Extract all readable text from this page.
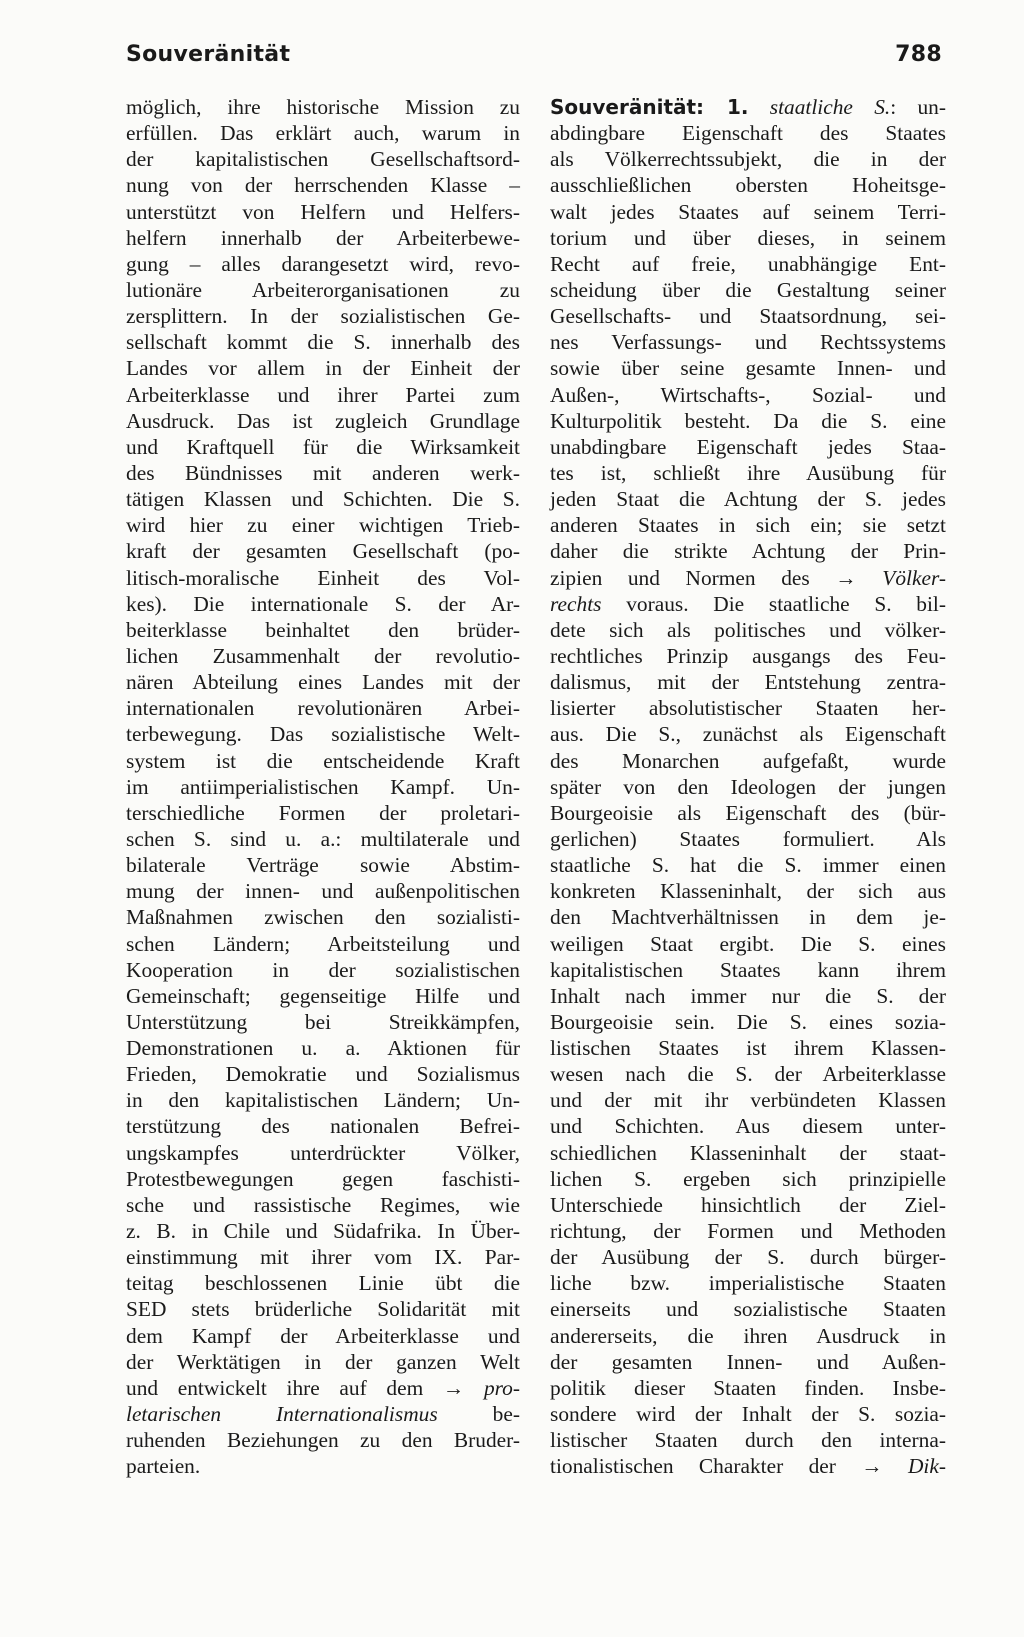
Souveränität	788
möglich, ihre historische Mission zu
erfüllen. Das erklärt auch, warum in
der kapitalistischen Gesellschaftsord-
nung von der herrschenden Klasse –
unterstützt von Helfern und Helfers-
helfern innerhalb der Arbeiterbewe-
gung – alles darangesetzt wird, revo-
lutionäre Arbeiterorganisationen zu
zersplittern. In der sozialistischen Ge-
sellschaft kommt die S. innerhalb des
Landes vor allem in der Einheit der
Arbeiterklasse und ihrer Partei zum
Ausdruck. Das ist zugleich Grundlage
und Kraftquell für die Wirksamkeit
des Bündnisses mit anderen werk-
tätigen Klassen und Schichten. Die S.
wird hier zu einer wichtigen Trieb-
kraft der gesamten Gesellschaft (po-
litisch-moralische Einheit des Vol-
kes). Die internationale S. der Ar-
beiterklasse beinhaltet den brüder-
lichen Zusammenhalt der revolutio-
nären Abteilung eines Landes mit der
internationalen revolutionären Arbei-
terbewegung. Das sozialistische Welt-
system ist die entscheidende Kraft
im antiimperialistischen Kampf. Un-
terschiedliche Formen der proletari-
schen S. sind u. a.: multilaterale und
bilaterale Verträge sowie Abstim-
mung der innen- und außenpolitischen
Maßnahmen zwischen den sozialisti-
schen Ländern; Arbeitsteilung und
Kooperation in der sozialistischen
Gemeinschaft; gegenseitige Hilfe und
Unterstützung bei Streikkämpfen,
Demonstrationen u. a. Aktionen für
Frieden, Demokratie und Sozialismus
in den kapitalistischen Ländern; Un-
terstützung des nationalen Befrei-
ungskampfes unterdrückter Völker,
Protestbewegungen gegen faschisti-
sche und rassistische Regimes, wie
z. B. in Chile und Südafrika. In Über-
einstimmung mit ihrer vom IX. Par-
teitag beschlossenen Linie übt die
SED stets brüderliche Solidarität mit
dem Kampf der Arbeiterklasse und
der Werktätigen in der ganzen Welt
und entwickelt ihre auf dem → pro-
letarischen Internationalismus	be-
ruhenden Beziehungen zu den Bruder-
parteien.
Souveränität: 1. staatliche S.: un-
abdingbare Eigenschaft des Staates
als Völkerrechtssubjekt, die in der
ausschließlichen obersten Hoheitsge-
walt jedes Staates auf seinem Terri-
torium und über dieses, in seinem
Recht auf freie, unabhängige Ent-
scheidung über die Gestaltung seiner
Gesellschafts- und Staatsordnung, sei-
nes Verfassungs- und Rechtssystems
sowie über seine gesamte Innen- und
Außen-, Wirtschafts-, Sozial- und
Kulturpolitik besteht. Da die S. eine
unabdingbare Eigenschaft jedes Staa-
tes ist, schließt ihre Ausübung für
jeden Staat die Achtung der S. jedes
anderen Staates in sich ein; sie setzt
daher die strikte Achtung der Prin-
zipien und Normen des → Völker-
rechts voraus. Die staatliche S. bil-
dete sich als politisches und völker-
rechtliches Prinzip ausgangs des Feu-
dalismus, mit der Entstehung zentra-
lisierter absolutistischer Staaten her-
aus. Die S., zunächst als Eigenschaft
des Monarchen aufgefaßt, wurde
später von den Ideologen der jungen
Bourgeoisie als Eigenschaft des (bür-
gerlichen) Staates formuliert. Als
staatliche S. hat die S. immer einen
konkreten Klasseninhalt, der sich aus
den Machtverhältnissen in dem je-
weiligen Staat ergibt. Die S. eines
kapitalistischen Staates kann ihrem
Inhalt nach immer nur die S. der
Bourgeoisie sein. Die S. eines sozia-
listischen Staates ist ihrem Klassen-
wesen nach die S. der Arbeiterklasse
und der mit ihr verbündeten Klassen
und Schichten. Aus diesem unter-
schiedlichen Klasseninhalt der staat-
lichen S. ergeben sich prinzipielle
Unterschiede hinsichtlich der Ziel-
richtung, der Formen und Methoden
der Ausübung der S. durch bürger-
liche bzw. imperialistische Staaten
einerseits und sozialistische Staaten
andererseits, die ihren Ausdruck in
der gesamten Innen- und Außen-
politik dieser Staaten finden. Insbe-
sondere wird der Inhalt der S. sozia-
listischer Staaten durch den interna-
tionalistischen Charakter der → Dik-
